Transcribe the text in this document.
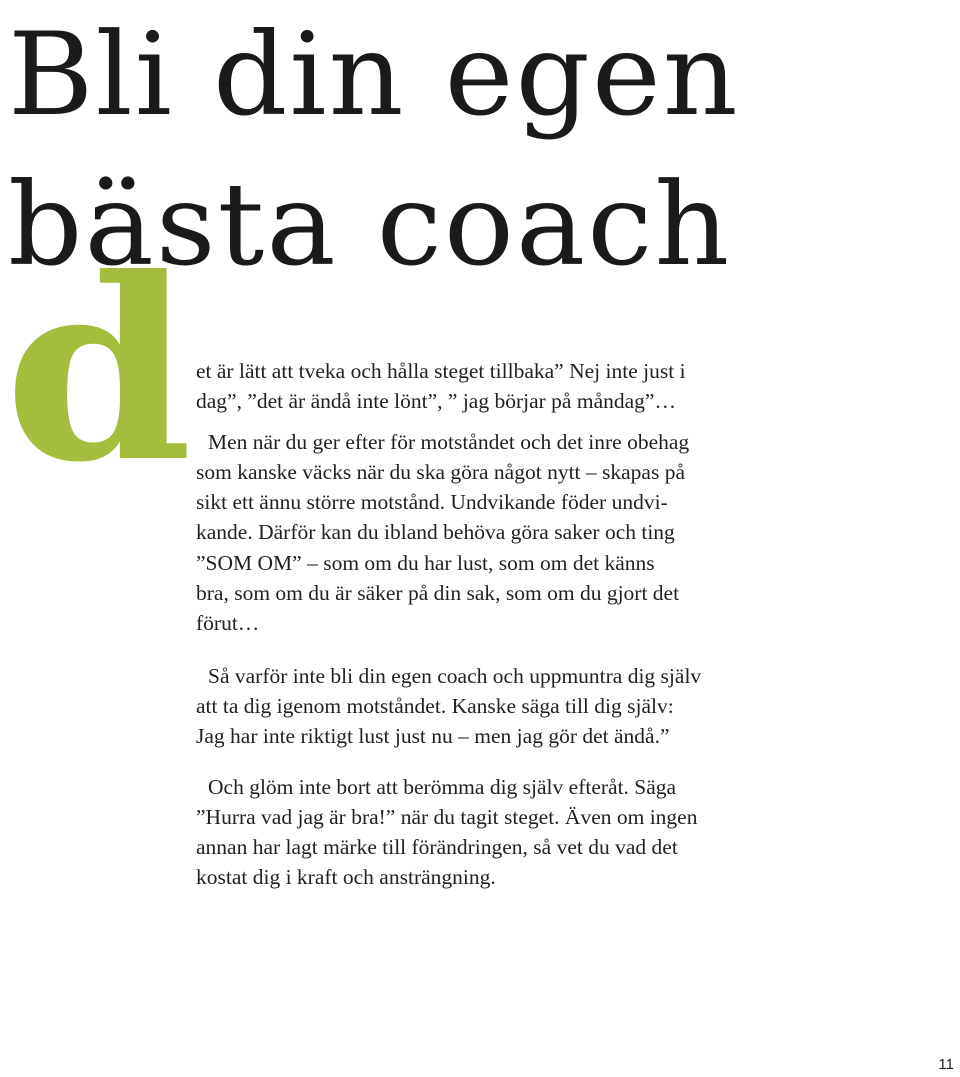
Bli din egen
bästa coach
d et är lätt att tveka och hålla steget tillbaka” Nej inte just i

dag”, ”det är ändå inte lönt”, ” jag börjar på måndag”…

Men när du ger efter för motståndet och det inre obehag

som kanske väcks när du ska göra något nytt – skapas på

sikt ett ännu större motstånd. Undvikande föder undvi-

kande. Därför kan du ibland behöva göra saker och ting

”SOM OM” – som om du har lust, som om det känns

bra, som om du är säker på din sak, som om du gjort det

förut…

Så varför inte bli din egen coach och uppmuntra dig själv

att ta dig igenom motståndet. Kanske säga till dig själv:

Jag har inte riktigt lust just nu – men jag gör det ändå.”

Och glöm inte bort att berömma dig själv efteråt. Säga

”Hurra vad jag är bra!” när du tagit steget. Även om ingen

annan har lagt märke till förändringen, så vet du vad det

kostat dig i kraft och ansträngning.

11
